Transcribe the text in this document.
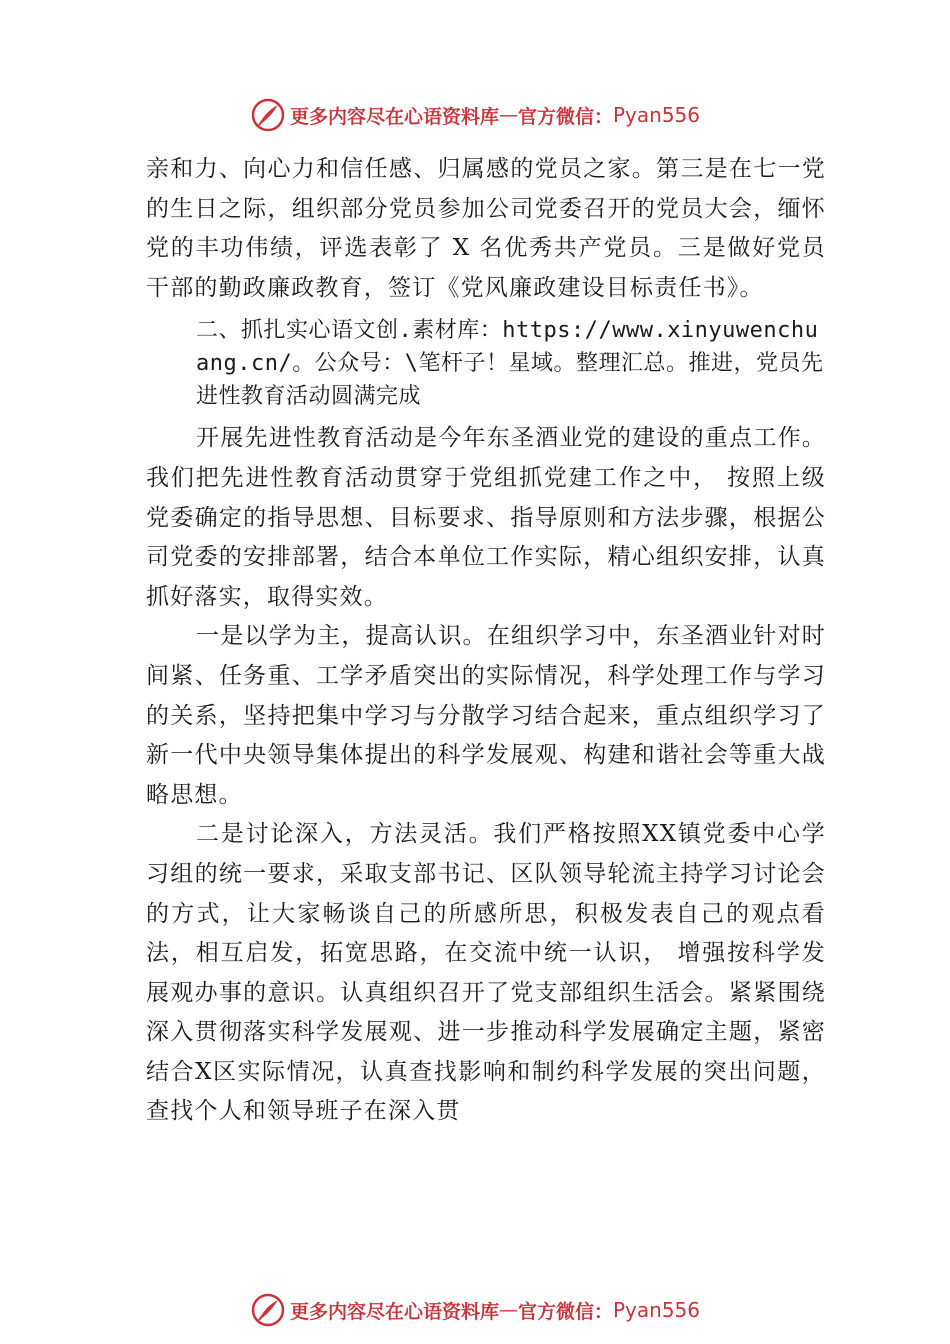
更多内容尽在心语资料库 — 官方微信： Pyan556

亲和力、向心力和信任感、归属感的党员之家。第三是在七一党的生日之际，组织部分党员参加公司党委召开的党员大会，缅怀党的丰功伟绩，评选表彰了 X 名优秀共产党员。三是做好党员干部的勤政廉政教育，签订《党风廉政建设目标责任书》。

二、抓扎实心语文创.素材库：https://www.xinyuwenchuang.cn/。公众号：\笔杆子！星域。整理汇总。推进，党员先进性教育活动圆满完成

开展先进性教育活动是今年东圣酒业党的建设的重点工作。我们把先进性教育活动贯穿于党组抓党建工作之中， 按照上级党委确定的指导思想、目标要求、指导原则和方法步骤，根据公司党委的安排部署，结合本单位工作实际，精心组织安排，认真抓好落实，取得实效。

一是以学为主，提高认识。在组织学习中，东圣酒业针对时间紧、任务重、工学矛盾突出的实际情况，科学处理工作与学习的关系，坚持把集中学习与分散学习结合起来，重点组织学习了新一代中央领导集体提出的科学发展观、构建和谐社会等重大战略思想。

二是讨论深入，方法灵活。我们严格按照XX镇党委中心学习组的统一要求，采取支部书记、区队领导轮流主持学习讨论会的方式，让大家畅谈自己的所感所思，积极发表自己的观点看法，相互启发，拓宽思路，在交流中统一认识， 增强按科学发展观办事的意识。认真组织召开了党支部组织生活会。紧紧围绕深入贯彻落实科学发展观、进一步推动科学发展确定主题，紧密结合X区实际情况，认真查找影响和制约科学发展的突出问题，查找个人和领导班子在深入贯

更多内容尽在心语资料库 — 官方微信： Pyan556
